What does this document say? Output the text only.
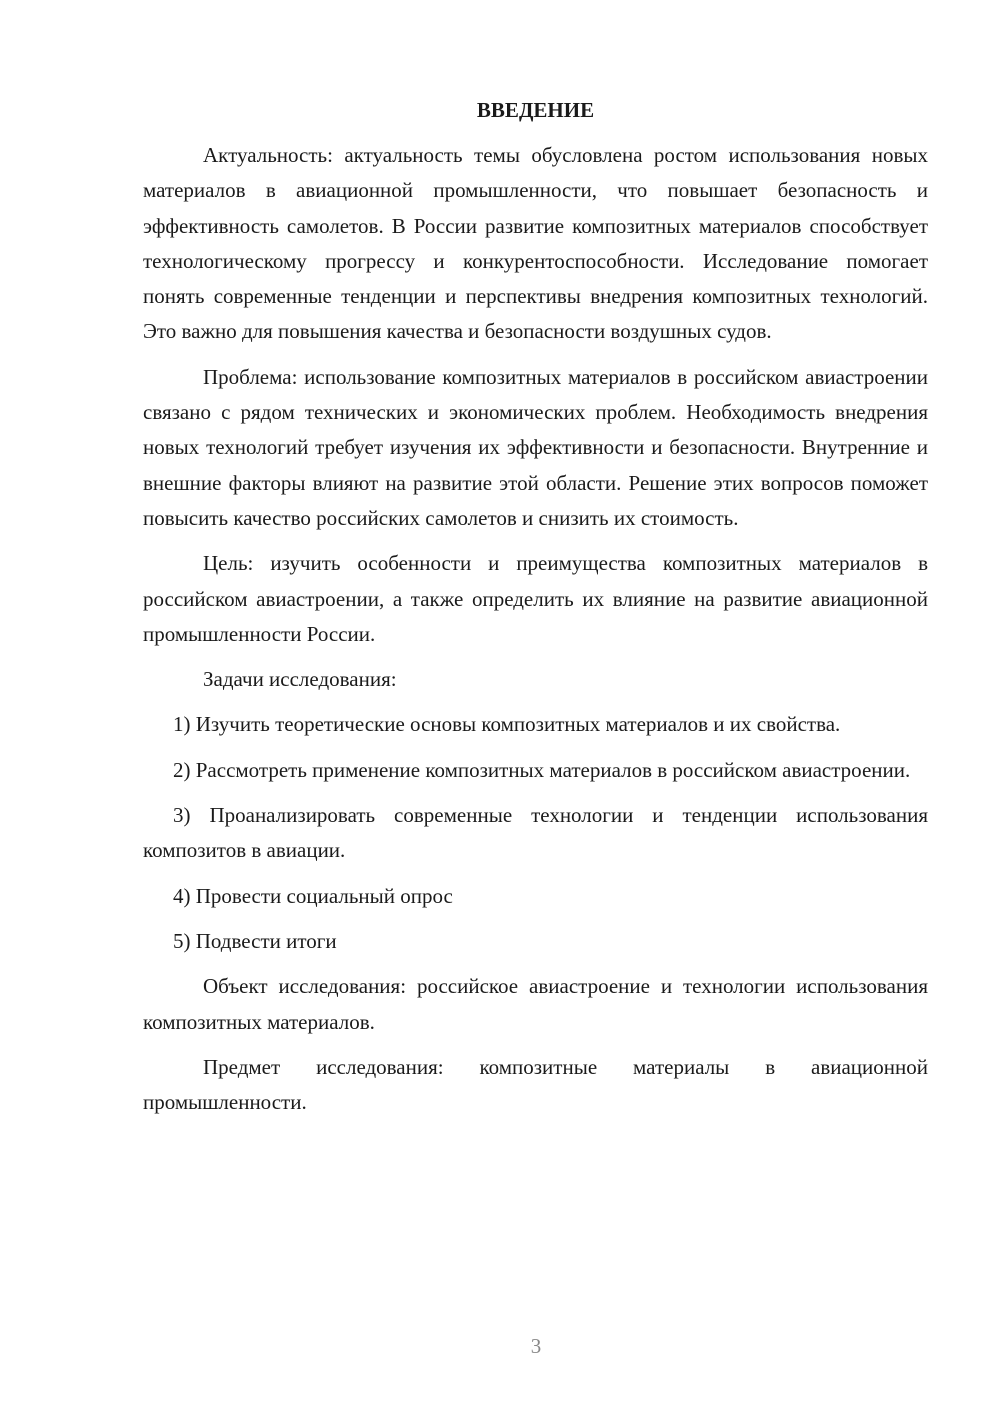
ВВЕДЕНИЕ

Актуальность: актуальность темы обусловлена ростом использования новых материалов в авиационной промышленности, что повышает безопасность и эффективность самолетов. В России развитие композитных материалов способствует технологическому прогрессу и конкурентоспособности. Исследование помогает понять современные тенденции и перспективы внедрения композитных технологий. Это важно для повышения качества и безопасности воздушных судов.

Проблема: использование композитных материалов в российском авиастроении связано с рядом технических и экономических проблем. Необходимость внедрения новых технологий требует изучения их эффективности и безопасности. Внутренние и внешние факторы влияют на развитие этой области. Решение этих вопросов поможет повысить качество российских самолетов и снизить их стоимость.

Цель: изучить особенности и преимущества композитных материалов в российском авиастроении, а также определить их влияние на развитие авиационной промышленности России.

Задачи исследования:

1) Изучить теоретические основы композитных материалов и их свойства.

2) Рассмотреть применение композитных материалов в российском авиастроении.

3) Проанализировать современные технологии и тенденции использования композитов в авиации.

4) Провести социальный опрос

5) Подвести итоги

Объект исследования: российское авиастроение и технологии использования композитных материалов.

Предмет исследования: композитные материалы в авиационной промышленности.

3
